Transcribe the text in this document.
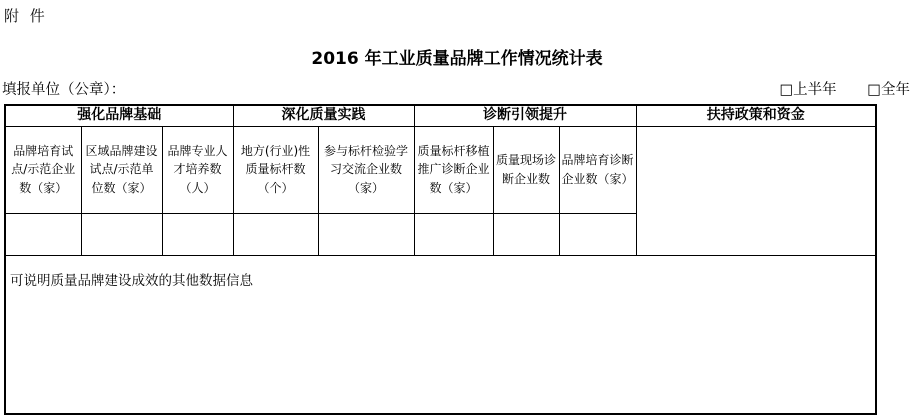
附 件
2016 年工业质量品牌工作情况统计表
填报单位（公章）：	□上半年 □全年
强化品牌基础			深化质量实践		诊断引领提升			扶持政策和资金
品牌培育试点/示范企业数（家）	区域品牌建设试点/示范单位数（家）	品牌专业人才培养数（人）	地方(行业)性质量标杆数（个）	参与标杆检验学习交流企业数（家）	质量标杆移植推广诊断企业数（家）	质量现场诊断企业数	品牌培育诊断企业数（家）	

可说明质量品牌建设成效的其他数据信息								
